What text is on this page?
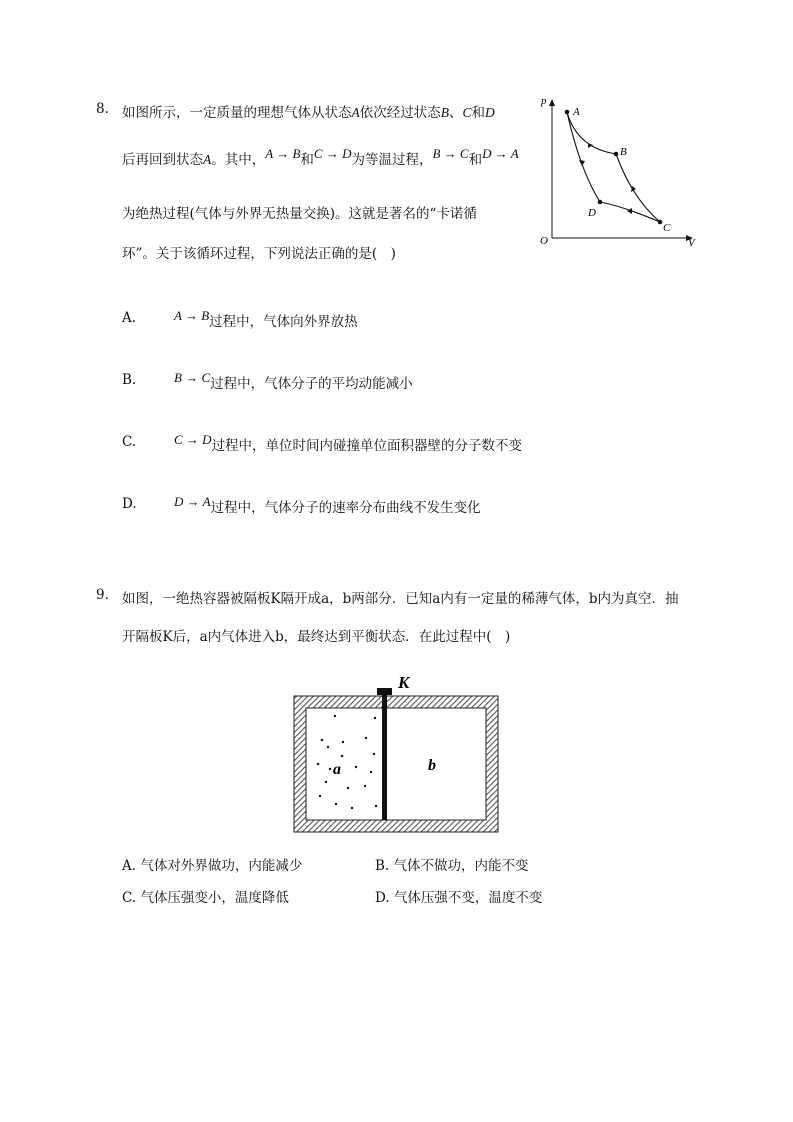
8. 如图所示，一定质量的理想气体从状态A依次经过状态B、C和D
后再回到状态A。其中，A → B和C → D为等温过程，B → C和D → A
为绝热过程(气体与外界无热量交换)。这就是著名的“卡诺循
环”。关于该循环过程，下列说法正确的是(　)
p
O	V
A
B
C
D
A.	A → B过程中，气体向外界放热
B.	B → C过程中，气体分子的平均动能减小
C.	C → D过程中，单位时间内碰撞单位面积器壁的分子数不变
D.	D → A过程中，气体分子的速率分布曲线不发生变化
9. 如图，一绝热容器被隔板K隔开成a，b两部分．已知a内有一定量的稀薄气体，b内为真空．抽
开隔板K后，a内气体进入b，最终达到平衡状态．在此过程中(　)
K
a	b
A. 气体对外界做功，内能减少	B. 气体不做功，内能不变
C. 气体压强变小，温度降低	D. 气体压强不变，温度不变
